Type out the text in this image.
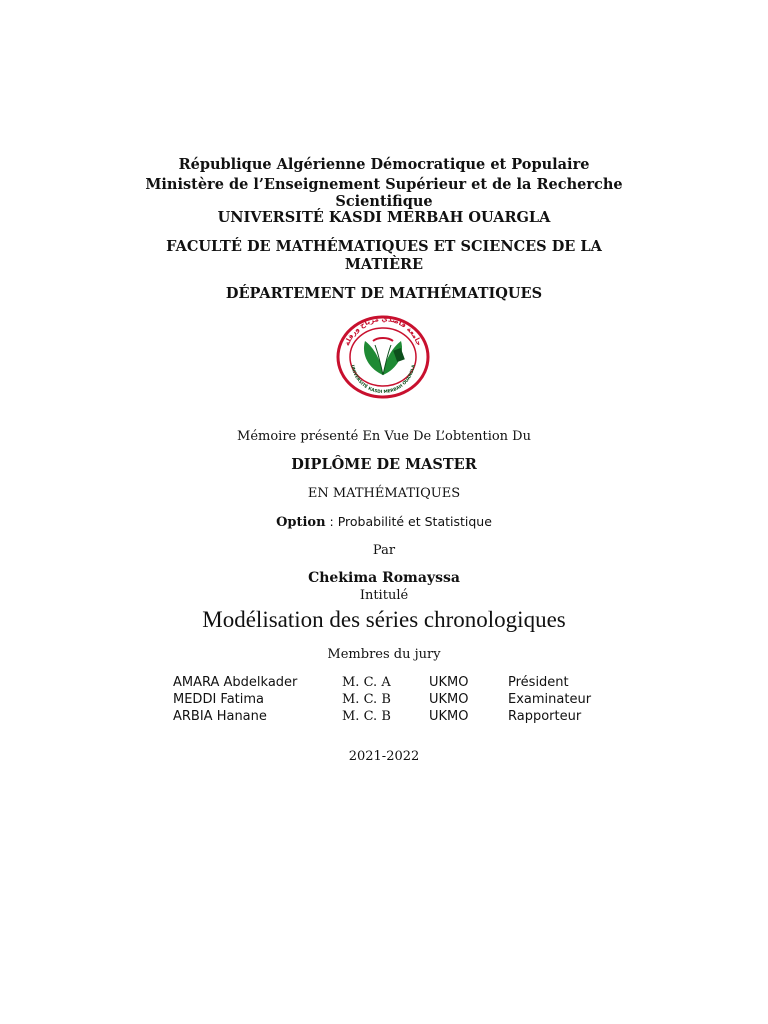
République Algérienne Démocratique et Populaire
Ministère de l’Enseignement Supérieur et de la Recherche
Scientifique
UNIVERSITÉ KASDI MERBAH OUARGLA
FACULTÉ DE MATHÉMATIQUES ET SCIENCES DE LA
MATIÈRE
DÉPARTEMENT DE MATHÉMATIQUES
جامعة قاصدي مرباح ورقلة
UNIVERSITÉ KASDI MERBAH OUARGLA
Mémoire présenté En Vue De L’obtention Du
DIPLÔME DE MASTER
EN MATHÉMATIQUES
Option : Probabilité et Statistique
Par
Chekima Romayssa
Intitulé
Modélisation des séries chronologiques
Membres du jury
AMARA Abdelkader	M. C. A	UKMO	Président
MEDDI Fatima	M. C. B	UKMO	Examinateur
ARBIA Hanane	M. C. B	UKMO	Rapporteur
2021-2022
